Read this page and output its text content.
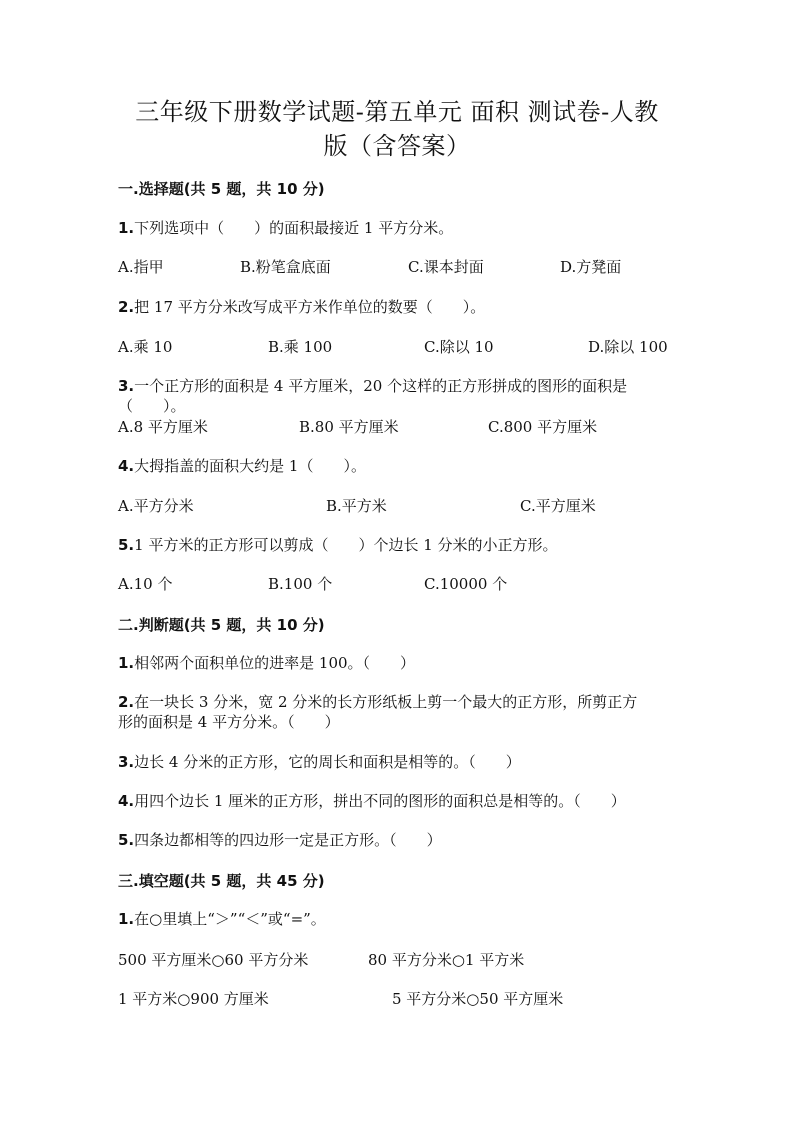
三年级下册数学试题-第五单元 面积 测试卷-人教
版（含答案）
一.选择题(共 5 题，共 10 分)
1.下列选项中（　　）的面积最接近 1 平方分米。
A.指甲	B.粉笔盒底面	C.课本封面	D.方凳面
2.把 17 平方分米改写成平方米作单位的数要（　　）。
A.乘 10	B.乘 100	C.除以 10	D.除以 100
3.一个正方形的面积是 4 平方厘米，20 个这样的正方形拼成的图形的面积是
（　　）。
A.8 平方厘米	B.80 平方厘米	C.800 平方厘米
4.大拇指盖的面积大约是 1（　　）。
A.平方分米	B.平方米	C.平方厘米
5.1 平方米的正方形可以剪成（　　）个边长 1 分米的小正方形。
A.10 个	B.100 个	C.10000 个
二.判断题(共 5 题，共 10 分)
1.相邻两个面积单位的进率是 100。（　　）
2.在一块长 3 分米，宽 2 分米的长方形纸板上剪一个最大的正方形，所剪正方
形的面积是 4 平方分米。（　　）
3.边长 4 分米的正方形，它的周长和面积是相等的。（　　）
4.用四个边长 1 厘米的正方形，拼出不同的图形的面积总是相等的。（　　）
5.四条边都相等的四边形一定是正方形。（　　）
三.填空题(共 5 题，共 45 分)
1.在○里填上“＞”“＜”或“=”。
500 平方厘米○60 平方分米	80 平方分米○1 平方米
1 平方米○900 方厘米	5 平方分米○50 平方厘米
